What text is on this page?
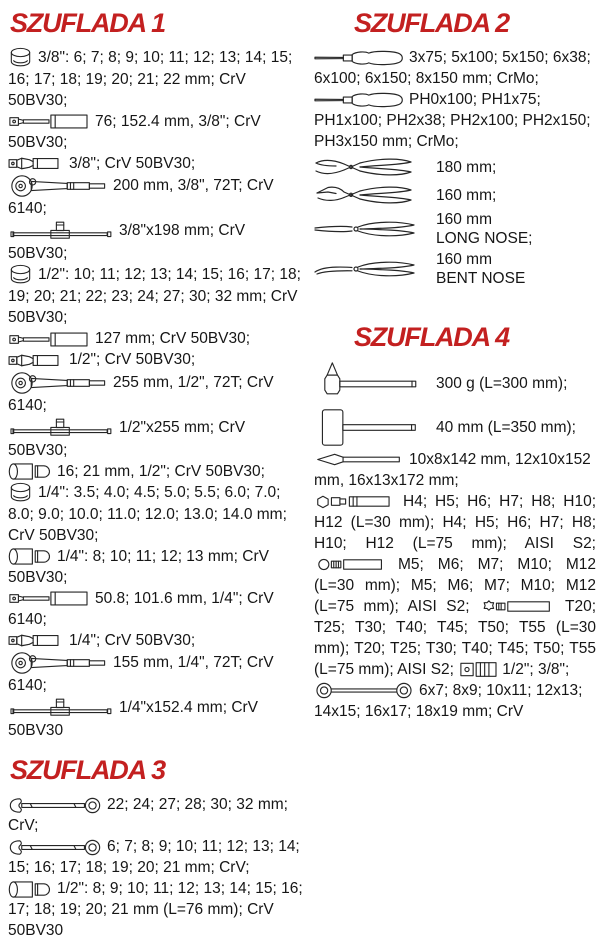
SZUFLADA 1

3/8": 6; 7; 8; 9; 10; 11; 12; 13; 14; 15; 16; 17; 18; 19; 20; 21; 22 mm; CrV 50BV30;

76; 152.4 mm, 3/8"; CrV 50BV30;

3/8"; CrV 50BV30;

200 mm, 3/8", 72T; CrV 6140;

3/8"x198 mm; CrV 50BV30;

1/2": 10; 11; 12; 13; 14; 15; 16; 17; 18; 19; 20; 21; 22; 23; 24; 27; 30; 32 mm; CrV 50BV30;

127 mm; CrV 50BV30;

1/2"; CrV 50BV30;

255 mm, 1/2", 72T; CrV 6140;

1/2"x255 mm; CrV 50BV30;

16; 21 mm, 1/2"; CrV 50BV30;

1/4": 3.5; 4.0; 4.5; 5.0; 5.5; 6.0; 7.0; 8.0; 9.0; 10.0; 11.0; 12.0; 13.0; 14.0 mm; CrV 50BV30;

1/4": 8; 10; 11; 12; 13 mm; CrV 50BV30;

50.8; 101.6 mm, 1/4"; CrV 6140;

1/4"; CrV 50BV30;

155 mm, 1/4", 72T; CrV 6140;

1/4"x152.4 mm; CrV 50BV30

SZUFLADA 3

22; 24; 27; 28; 30; 32 mm; CrV;

6; 7; 8; 9; 10; 11; 12; 13; 14; 15; 16; 17; 18; 19; 20; 21 mm; CrV;

1/2": 8; 9; 10; 11; 12; 13; 14; 15; 16; 17; 18; 19; 20; 21 mm (L=76 mm); CrV 50BV30

SZUFLADA 2

3x75; 5x100; 5x150; 6x38; 6x100; 6x150; 8x150 mm; CrMo;

PH0x100; PH1x75; PH1x100; PH2x38; PH2x100; PH2x150; PH3x150 mm; CrMo;

180 mm;
160 mm;
160 mm
LONG NOSE;
160 mm
BENT NOSE
SZUFLADA 4
300 g (L=300 mm);
40 mm (L=350 mm);

10x8x142 mm, 12x10x152 mm, 16x13x172 mm;

H4; H5; H6; H7; H8; H10; H12 (L=30 mm); H4; H5; H6; H7; H8; H10; H12 (L=75 mm); AISI S2; M5; M6; M7; M10; M12 (L=30 mm); M5; M6; M7; M10; M12 (L=75 mm); AISI S2;	T20; T25; T30; T40; T45; T50; T55 (L=30 mm); T20; T25; T30; T40; T45; T50; T55 (L=75 mm); AISI S2;	1/2"; 3/8";

6x7; 8x9; 10x11; 12x13; 14x15; 16x17; 18x19 mm; CrV
